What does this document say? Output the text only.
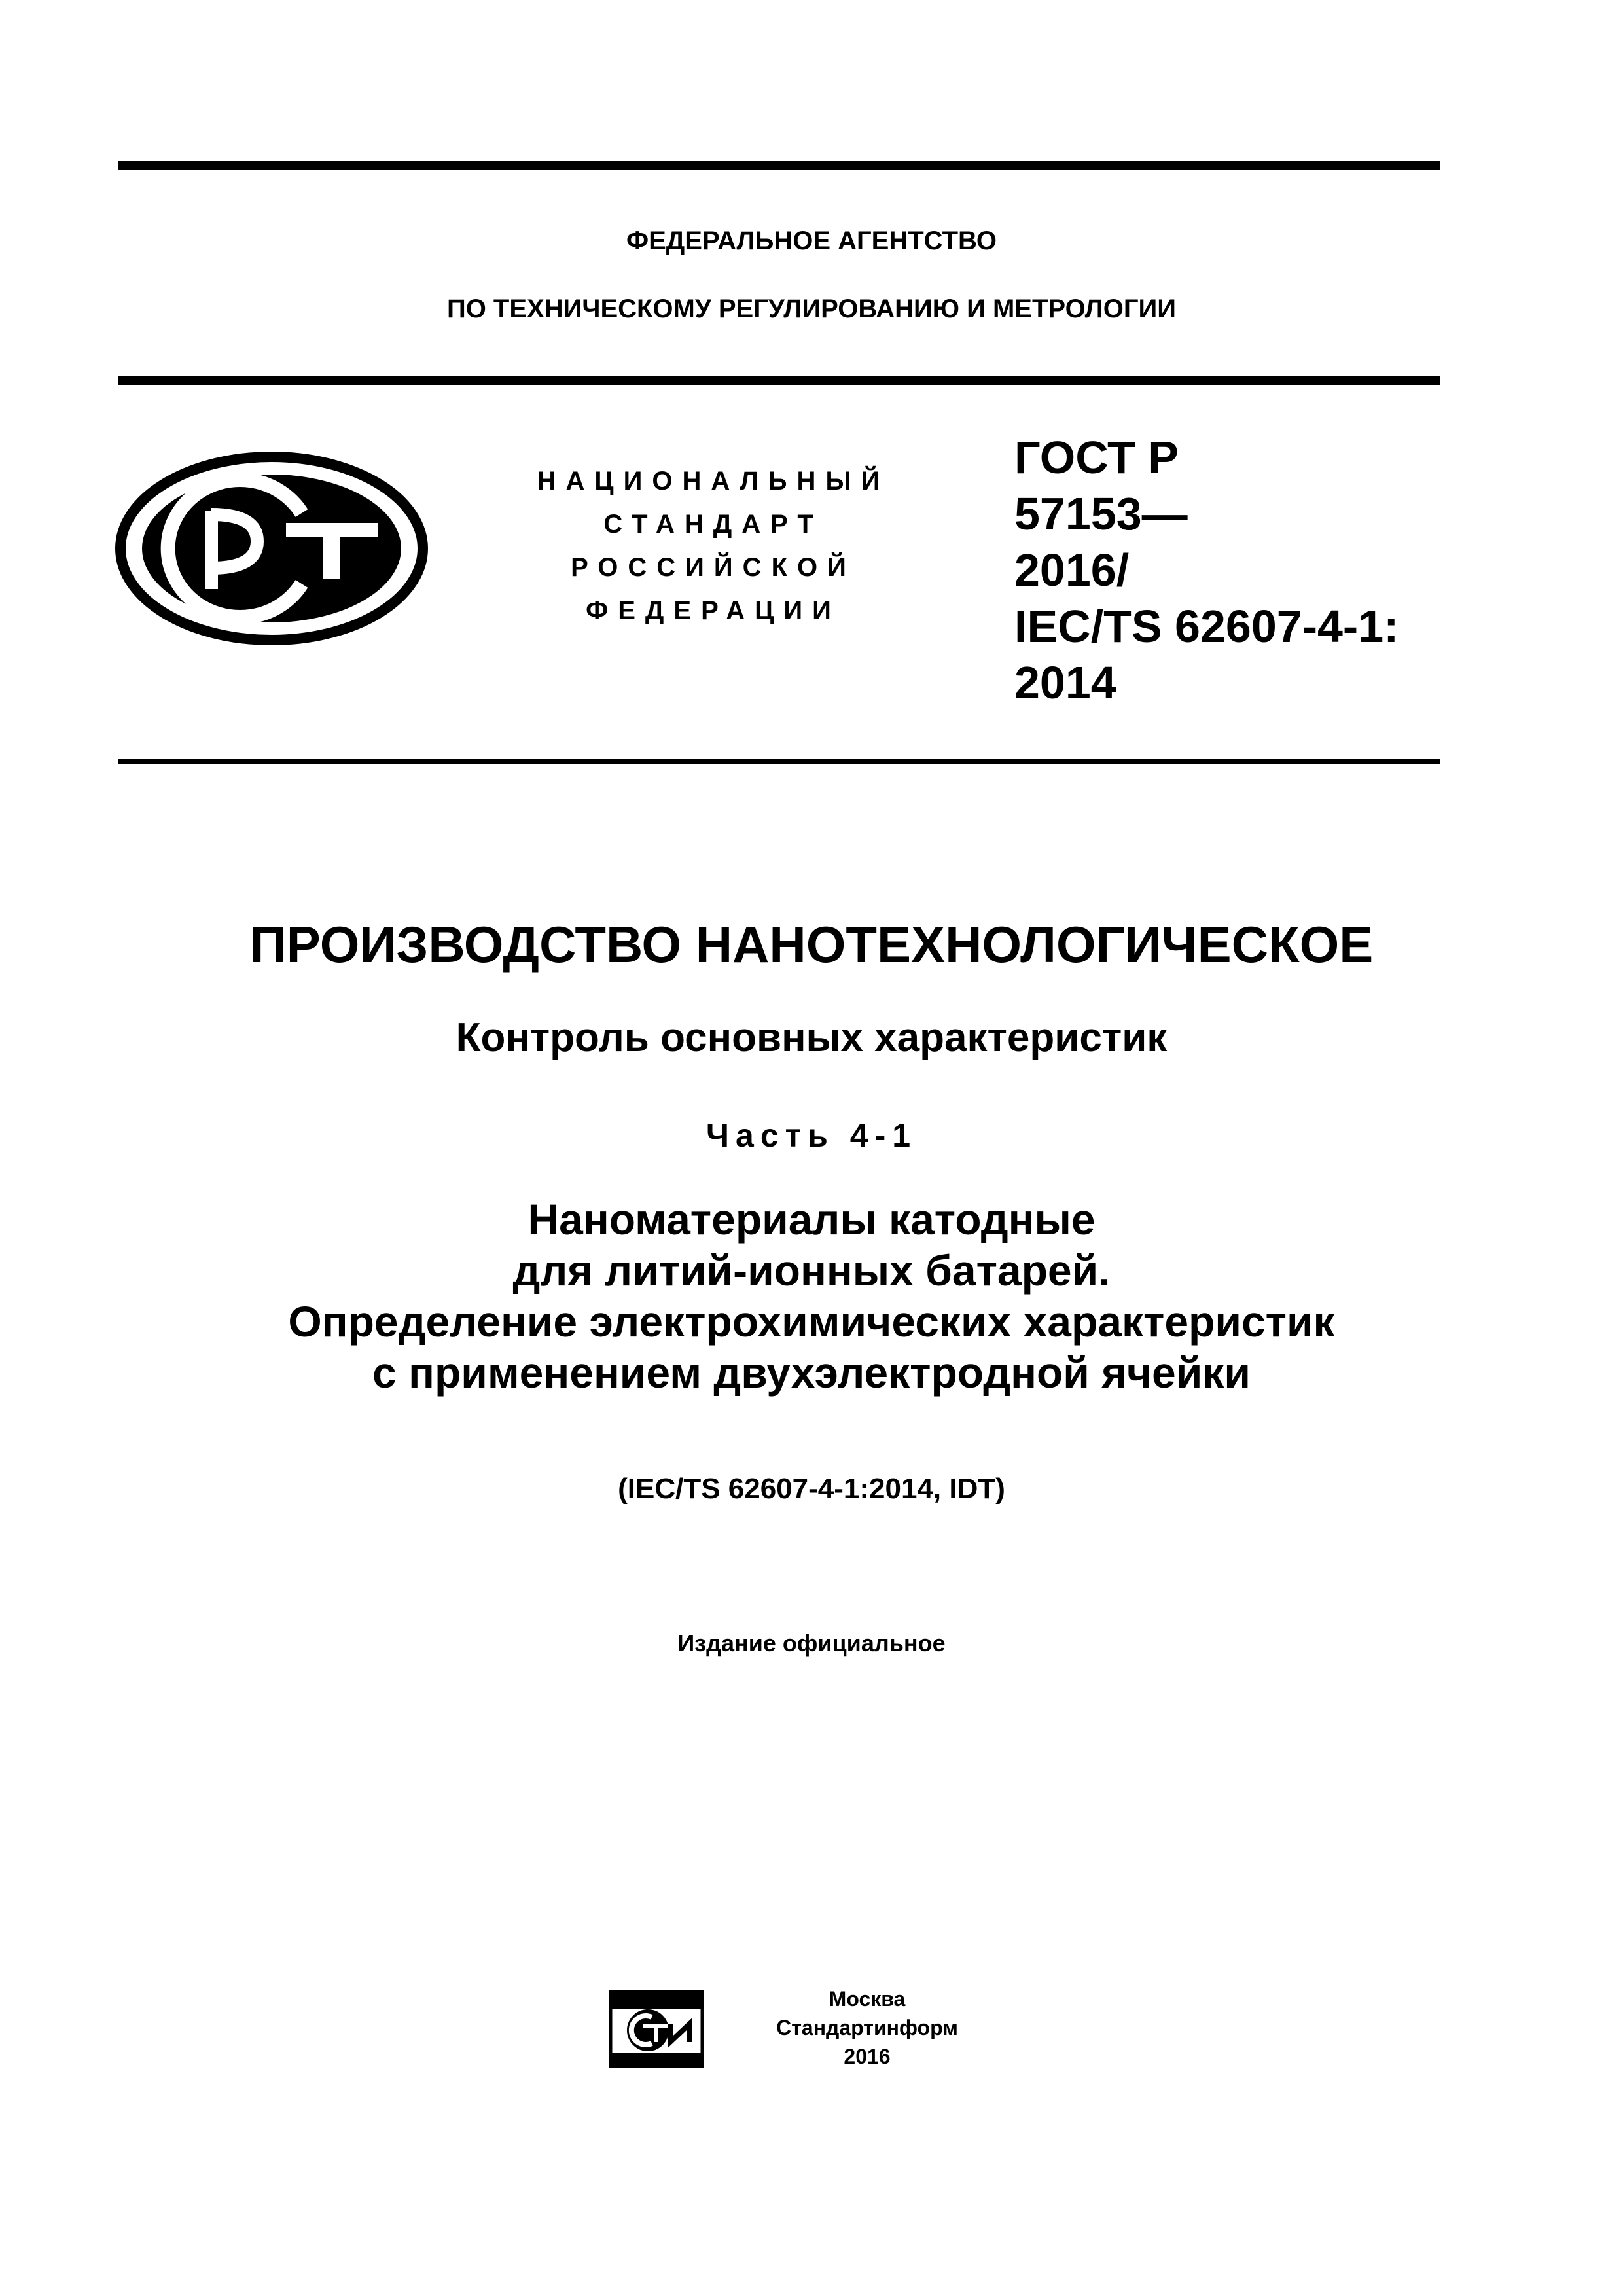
ФЕДЕРАЛЬНОЕ АГЕНТСТВО
ПО ТЕХНИЧЕСКОМУ РЕГУЛИРОВАНИЮ И МЕТРОЛОГИИ
НАЦИОНАЛЬНЫЙ
СТАНДАРТ
РОССИЙСКОЙ
ФЕДЕРАЦИИ
ГОСТ Р
57153—
2016/
IEC/TS 62607-4-1:
2014
ПРОИЗВОДСТВО НАНОТЕХНОЛОГИЧЕСКОЕ
Контроль основных характеристик
Часть 4-1
Наноматериалы катодные
для литий-ионных батарей.
Определение электрохимических характеристик
с применением двухэлектродной ячейки
(IEC/TS 62607-4-1:2014, IDT)
Издание официальное
Москва
Стандартинформ
2016
